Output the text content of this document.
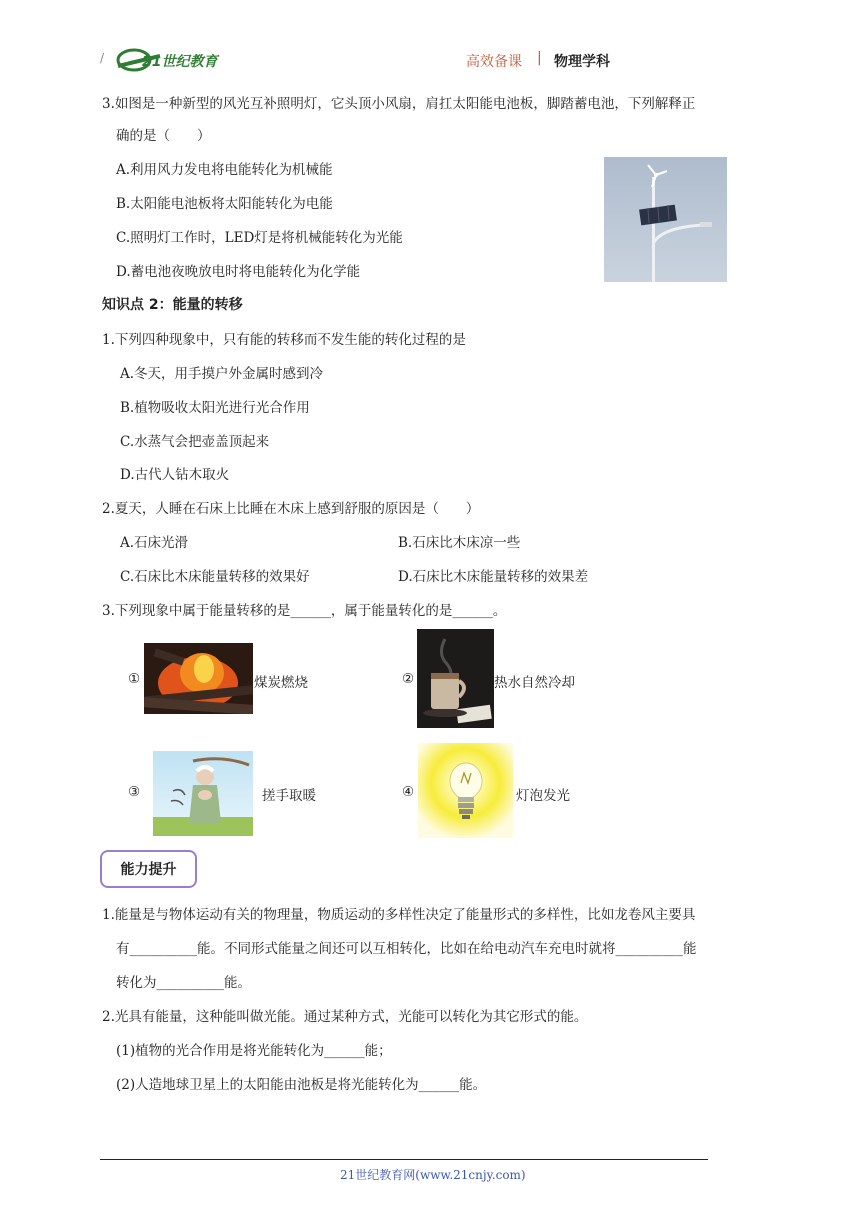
/	21世纪教育	高效备课 | 物理学科
3.如图是一种新型的风光互补照明灯，它头顶小风扇，肩扛太阳能电池板，脚踏蓄电池，下列解释正
确的是（　　）
A.利用风力发电将电能转化为机械能
B.太阳能电池板将太阳能转化为电能
C.照明灯工作时，LED灯是将机械能转化为光能
D.蓄电池夜晚放电时将电能转化为化学能
知识点 2：能量的转移
1.下列四种现象中，只有能的转移而不发生能的转化过程的是
A.冬天，用手摸户外金属时感到冷
B.植物吸收太阳光进行光合作用
C.水蒸气会把壶盖顶起来
D.古代人钻木取火
2.夏天，人睡在石床上比睡在木床上感到舒服的原因是（　　）
A.石床光滑	B.石床比木床凉一些
C.石床比木床能量转移的效果好	D.石床比木床能量转移的效果差
3.下列现象中属于能量转移的是______，属于能量转化的是______。
①	煤炭燃烧	②	热水自然冷却
③	搓手取暖	④	灯泡发光
能力提升
1.能量是与物体运动有关的物理量，物质运动的多样性决定了能量形式的多样性，比如龙卷风主要具
有__________能。不同形式能量之间还可以互相转化，比如在给电动汽车充电时就将__________能
转化为__________能。
2.光具有能量，这种能叫做光能。通过某种方式，光能可以转化为其它形式的能。
(1)植物的光合作用是将光能转化为______能；
(2)人造地球卫星上的太阳能由池板是将光能转化为______能。
21世纪教育网(www.21cnjy.com)
